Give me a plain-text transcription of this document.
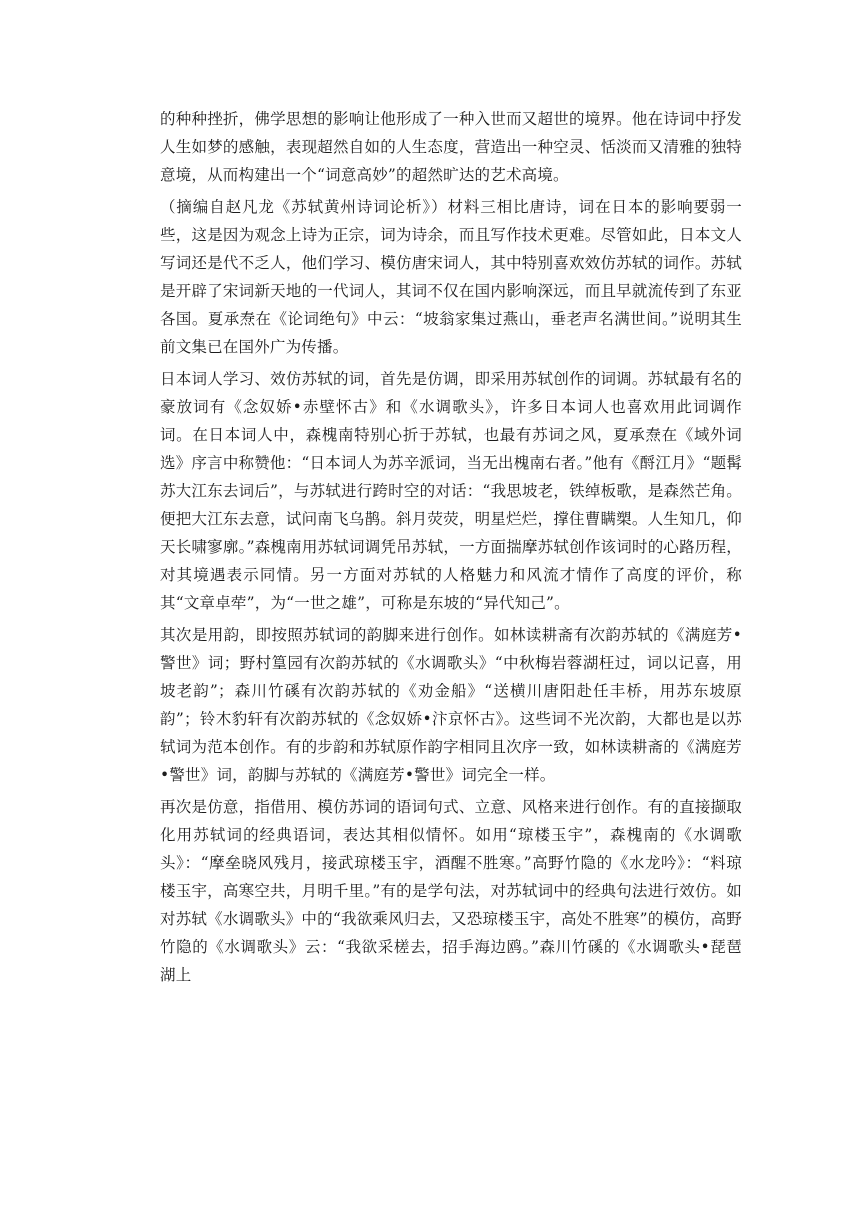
的种种挫折，佛学思想的影响让他形成了一种入世而又超世的境界。他在诗词中抒发人生如梦的感触，表现超然自如的人生态度，营造出一种空灵、恬淡而又清雅的独特意境，从而构建出一个“词意高妙”的超然旷达的艺术高境。

（摘编自赵凡龙《苏轼黄州诗词论析》）材料三相比唐诗，词在日本的影响要弱一些，这是因为观念上诗为正宗，词为诗余，而且写作技术更难。尽管如此，日本文人写词还是代不乏人，他们学习、模仿唐宋词人，其中特别喜欢效仿苏轼的词作。苏轼是开辟了宋词新天地的一代词人，其词不仅在国内影响深远，而且早就流传到了东亚各国。夏承焘在《论词绝句》中云：“坡翁家集过燕山，垂老声名满世间。”说明其生前文集已在国外广为传播。

日本词人学习、效仿苏轼的词，首先是仿调，即采用苏轼创作的词调。苏轼最有名的豪放词有《念奴娇•赤壁怀古》和《水调歌头》，许多日本词人也喜欢用此词调作词。在日本词人中，森槐南特别心折于苏轼，也最有苏词之风，夏承焘在《域外词选》序言中称赞他：“日本词人为苏辛派词，当无出槐南右者。”他有《酹江月》“题髯苏大江东去词后”，与苏轼进行跨时空的对话：“我思坡老，铁绰板歌，是森然芒角。便把大江东去意，试问南飞乌鹊。斜月荧荧，明星烂烂，撑住曹瞒槊。人生知几，仰天长啸寥廓。”森槐南用苏轼词调凭吊苏轼，一方面揣摩苏轼创作该词时的心路历程，对其境遇表示同情。另一方面对苏轼的人格魅力和风流才情作了高度的评价，称其“文章卓荦”，为“一世之雄”，可称是东坡的“异代知己”。

其次是用韵，即按照苏轼词的韵脚来进行创作。如林读耕斋有次韵苏轼的《满庭芳•警世》词；野村篁园有次韵苏轼的《水调歌头》“中秋梅岩蓉湖枉过，词以记喜，用坡老韵”；森川竹磎有次韵苏轼的《劝金船》“送横川唐阳赴任丰桥，用苏东坡原韵”；铃木豹轩有次韵苏轼的《念奴娇•汴京怀古》。这些词不光次韵，大都也是以苏轼词为范本创作。有的步韵和苏轼原作韵字相同且次序一致，如林读耕斋的《满庭芳•警世》词，韵脚与苏轼的《满庭芳•警世》词完全一样。

再次是仿意，指借用、模仿苏词的语词句式、立意、风格来进行创作。有的直接撷取化用苏轼词的经典语词，表达其相似情怀。如用“琼楼玉宇”，森槐南的《水调歌头》：“摩垒晓风残月，接武琼楼玉宇，酒醒不胜寒。”高野竹隐的《水龙吟》：“料琼楼玉宇，高寒空共，月明千里。”有的是学句法，对苏轼词中的经典句法进行效仿。如对苏轼《水调歌头》中的“我欲乘风归去，又恐琼楼玉宇，高处不胜寒”的模仿，高野竹隐的《水调歌头》云：“我欲采槎去，招手海边鸥。”森川竹磎的《水调歌头•琵琶湖上
